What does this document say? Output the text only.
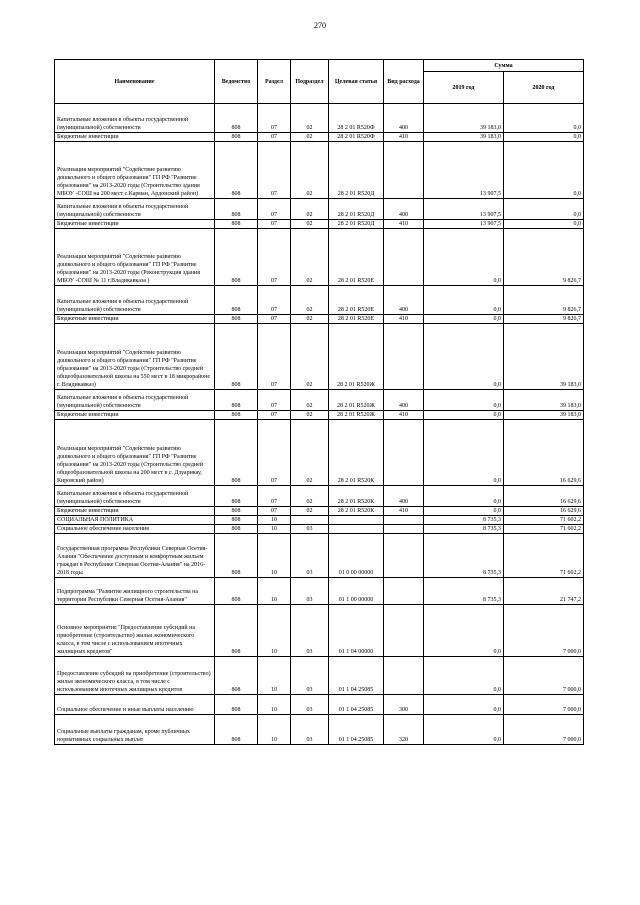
270
Наименование	Ведомство	Раздел	Подраздел	Целевая статья	Вид расхода	Сумма	
						2019 год	2020 год
Капитальные вложения в объекты государственной (муниципальной) собственности	808	07	02	28 2 01 R520Ф	400	39 183,0	0,0
Бюджетные инвестиции	808	07	02	28 2 01 R520Ф	410	39 183,0	0,0
Реализация мероприятий "Содействие развитию дошкольного и общего образования" ГП РФ "Развитие образования" на 2013-2020 годы (Строительство здания МБОУ -СОШ на 200 мест с.Карман, Ардонский район)	808	07	02	28 2 01 R520Д		13 907,5	0,0
Капитальные вложения в объекты государственной (муниципальной) собственности	808	07	02	28 2 01 R520Д	400	13 907,5	0,0
Бюджетные инвестиции	808	07	02	28 2 01 R520Д	410	13 907,5	0,0
Реализация мероприятий "Содействие развитию дошкольного и общего образования" ГП РФ "Развитие образования" на 2013-2020 годы (Реконструкция здания МБОУ -СОШ № 11 г.Владикавказа )	808	07	02	28 2 01 R520Е		0,0	9 826,7
Капитальные вложения в объекты государственной (муниципальной) собственности	808	07	02	28 2 01 R520Е	400	0,0	9 826,7
Бюджетные инвестиции	808	07	02	28 2 01 R520Е	410	0,0	9 826,7
Реализация мероприятий "Содействие развитию дошкольного и общего образования" ГП РФ "Развитие образования" на 2013-2020 годы (Строительство средней общеобразовательной школы на 550 мест в 18 микрорайоне г. Владикавказ)	808	07	02	28 2 01 R520Ж		0,0	39 183,0
Капитальные вложения в объекты государственной (муниципальной) собственности	808	07	02	28 2 01 R520Ж	400	0,0	39 183,0
Бюджетные инвестиции	808	07	02	28 2 01 R520Ж	410	0,0	39 183,0
Реализация мероприятий "Содействие развитию дошкольного и общего образования" ГП РФ "Развитие образования" на 2013-2020 годы (Строительство средней общеобразовательной школы на 200 мест в с. Дзуарикау, Кировский район)	808	07	02	28 2 01 R520К		0,0	16 629,6
Капитальные вложения в объекты государственной (муниципальной) собственности	808	07	02	28 2 01 R520К	400	0,0	16 629,6
Бюджетные инвестиции	808	07	02	28 2 01 R520К	410	0,0	16 629,6
СОЦИАЛЬНАЯ ПОЛИТИКА	808	10				8 735,3	71 602,2
Социальное обеспечение населения	808	10	03			8 735,3	71 602,2
Государственная программа Республики Северная Осетия-Алания "Обеспечение доступным и комфортным жильем граждан в Республике Северная Осетия-Алания" на 2016-2018 годы	808	10	03	01 0 00 00000		8 735,3	71 602,2
Подпрограмма "Развитие жилищного строительства на территории Республики Северная Осетия-Алания"	808	10	03	01 1 00 00000		8 735,3	21 747,2
Основное мероприятие "Предоставление субсидий на приобретение (строительство) жилья экономического класса, в том числе с использованием ипотечных жилищных кредитов"	808	10	03	01 1 04 00000		0,0	7 000,0
Предоставление субсидий на приобретение (строительство) жилья экономического класса, в том числе с использованием ипотечных жилищных кредитов	808	10	03	01 1 04 25085		0,0	7 000,0
Социальное обеспечение и иные выплаты населению	808	10	03	01 1 04 25085	300	0,0	7 000,0
Социальные выплаты гражданам, кроме публичных нормативных социальных выплат	808	10	03	01 1 04 25085	320	0,0	7 000,0
